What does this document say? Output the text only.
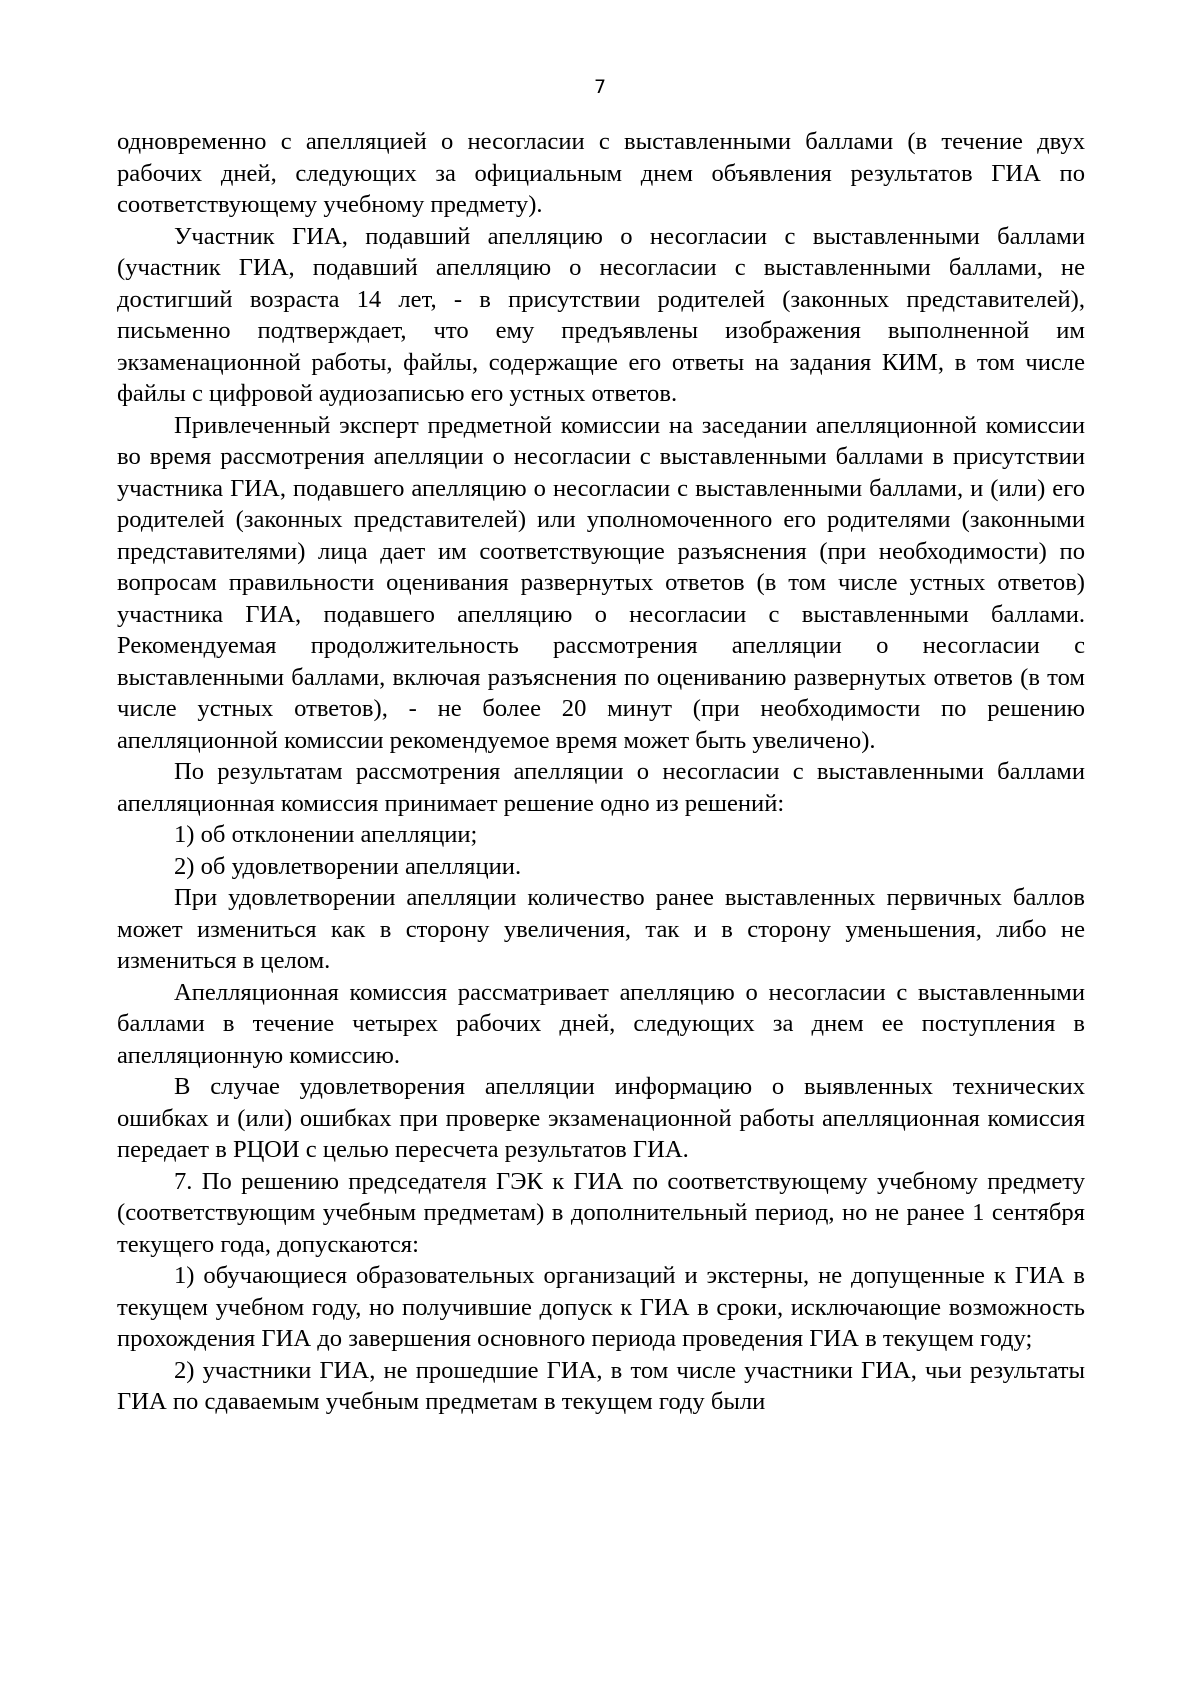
7

одновременно с апелляцией о несогласии с выставленными баллами (в течение двух рабочих дней, следующих за официальным днем объявления результатов ГИА по соответствующему учебному предмету).

Участник ГИА, подавший апелляцию о несогласии с выставленными баллами (участник ГИА, подавший апелляцию о несогласии с выставленными баллами, не достигший возраста 14 лет, - в присутствии родителей (законных представителей), письменно подтверждает, что ему предъявлены изображения выполненной им экзаменационной работы, файлы, содержащие его ответы на задания КИМ, в том числе файлы с цифровой аудиозаписью его устных ответов.

Привлеченный эксперт предметной комиссии на заседании апелляционной комиссии во время рассмотрения апелляции о несогласии с выставленными баллами в присутствии участника ГИА, подавшего апелляцию о несогласии с выставленными баллами, и (или) его родителей (законных представителей) или уполномоченного его родителями (законными представителями) лица дает им соответствующие разъяснения (при необходимости) по вопросам правильности оценивания развернутых ответов (в том числе устных ответов) участника ГИА, подавшего апелляцию о несогласии с выставленными баллами. Рекомендуемая продолжительность рассмотрения апелляции о несогласии с выставленными баллами, включая разъяснения по оцениванию развернутых ответов (в том числе устных ответов), - не более 20 минут (при необходимости по решению апелляционной комиссии рекомендуемое время может быть увеличено).

По результатам рассмотрения апелляции о несогласии с выставленными баллами апелляционная комиссия принимает решение одно из решений:

1) об отклонении апелляции;

2) об удовлетворении апелляции.

При удовлетворении апелляции количество ранее выставленных первичных баллов может измениться как в сторону увеличения, так и в сторону уменьшения, либо не измениться в целом.

Апелляционная комиссия рассматривает апелляцию о несогласии с выставленными баллами в течение четырех рабочих дней, следующих за днем ее поступления в апелляционную комиссию.

В случае удовлетворения апелляции информацию о выявленных технических ошибках и (или) ошибках при проверке экзаменационной работы апелляционная комиссия передает в РЦОИ с целью пересчета результатов ГИА.

7. По решению председателя ГЭК к ГИА по соответствующему учебному предмету (соответствующим учебным предметам) в дополнительный период, но не ранее 1 сентября текущего года, допускаются:

1) обучающиеся образовательных организаций и экстерны, не допущенные к ГИА в текущем учебном году, но получившие допуск к ГИА в сроки, исключающие возможность прохождения ГИА до завершения основного периода проведения ГИА в текущем году;

2) участники ГИА, не прошедшие ГИА, в том числе участники ГИА, чьи результаты ГИА по сдаваемым учебным предметам в текущем году были
